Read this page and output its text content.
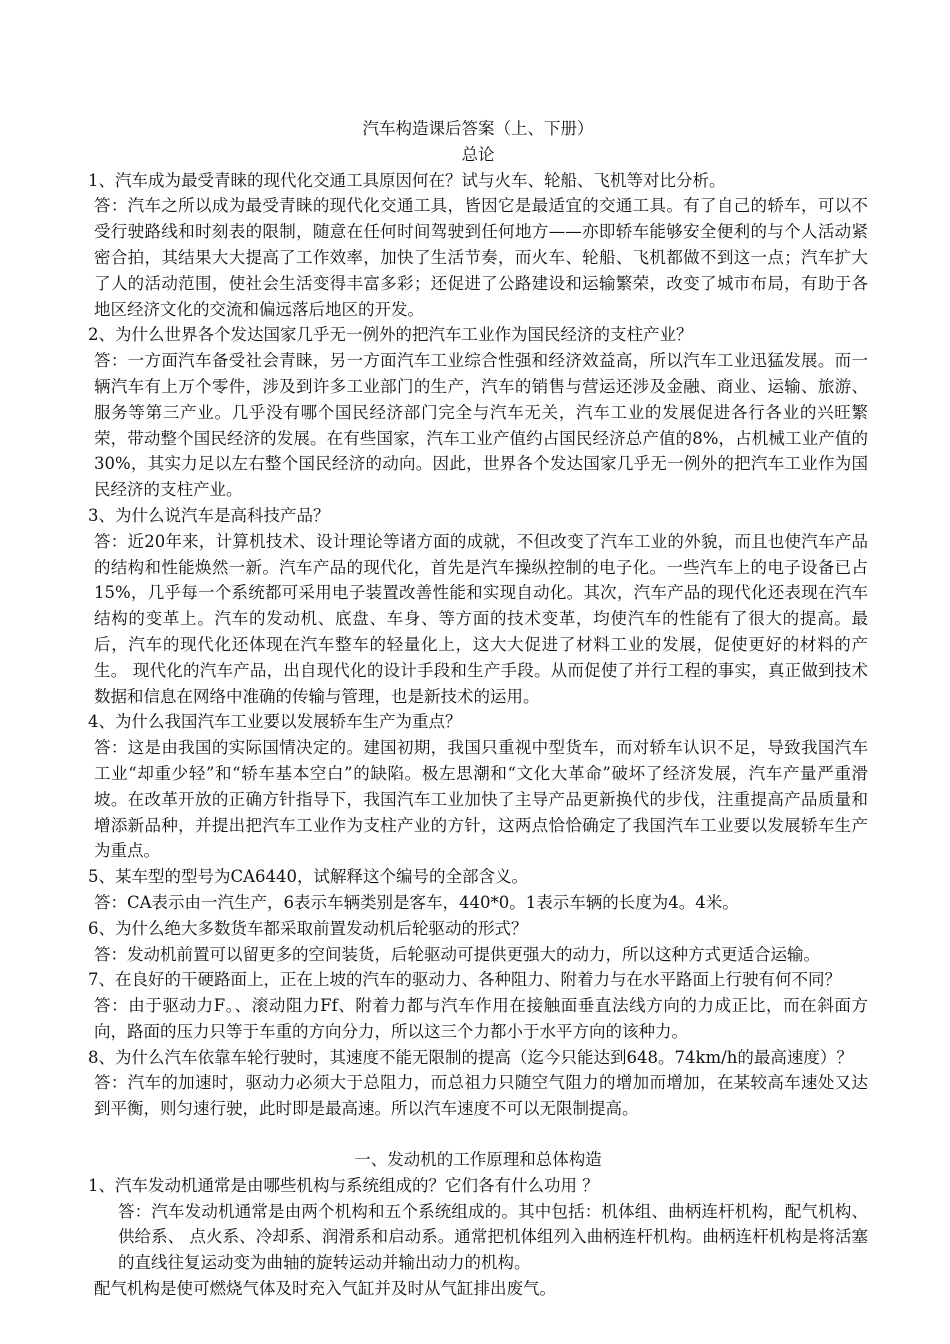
汽车构造课后答案（上、下册）
总论

1、汽车成为最受青睐的现代化交通工具原因何在？试与火车、轮船、飞机等对比分析。

答：汽车之所以成为最受青睐的现代化交通工具，皆因它是最适宜的交通工具。有了自己的轿车，可以不受行驶路线和时刻表的限制，随意在任何时间驾驶到任何地方——亦即轿车能够安全便利的与个人活动紧密合拍，其结果大大提高了工作效率，加快了生活节奏，而火车、轮船、飞机都做不到这一点；汽车扩大了人的活动范围，使社会生活变得丰富多彩；还促进了公路建设和运输繁荣，改变了城市布局，有助于各地区经济文化的交流和偏远落后地区的开发。

2、为什么世界各个发达国家几乎无一例外的把汽车工业作为国民经济的支柱产业？

答：一方面汽车备受社会青睐，另一方面汽车工业综合性强和经济效益高，所以汽车工业迅猛发展。而一辆汽车有上万个零件，涉及到许多工业部门的生产，汽车的销售与营运还涉及金融、商业、运输、旅游、服务等第三产业。几乎没有哪个国民经济部门完全与汽车无关，汽车工业的发展促进各行各业的兴旺繁荣，带动整个国民经济的发展。在有些国家，汽车工业产值约占国民经济总产值的8%，占机械工业产值的30%，其实力足以左右整个国民经济的动向。因此，世界各个发达国家几乎无一例外的把汽车工业作为国民经济的支柱产业。

3、为什么说汽车是高科技产品？

答：近20年来，计算机技术、设计理论等诸方面的成就，不但改变了汽车工业的外貌，而且也使汽车产品的结构和性能焕然一新。汽车产品的现代化，首先是汽车操纵控制的电子化。一些汽车上的电子设备已占15%，几乎每一个系统都可采用电子装置改善性能和实现自动化。其次，汽车产品的现代化还表现在汽车结构的变革上。汽车的发动机、底盘、车身、等方面的技术变革，均使汽车的性能有了很大的提高。最后，汽车的现代化还体现在汽车整车的轻量化上，这大大促进了材料工业的发展，促使更好的材料的产生。 现代化的汽车产品，出自现代化的设计手段和生产手段。从而促使了并行工程的事实，真正做到技术数据和信息在网络中准确的传输与管理，也是新技术的运用。

4、为什么我国汽车工业要以发展轿车生产为重点？

答：这是由我国的实际国情决定的。建国初期，我国只重视中型货车，而对轿车认识不足，导致我国汽车工业“却重少轻”和“轿车基本空白”的缺陷。极左思潮和“文化大革命”破坏了经济发展，汽车产量严重滑坡。在改革开放的正确方针指导下，我国汽车工业加快了主导产品更新换代的步伐，注重提高产品质量和增添新品种，并提出把汽车工业作为支柱产业的方针，这两点恰恰确定了我国汽车工业要以发展轿车生产为重点。

5、某车型的型号为CA6440，试解释这个编号的全部含义。

答：CA表示由一汽生产，6表示车辆类别是客车，440*0。1表示车辆的长度为4。4米。

6、为什么绝大多数货车都采取前置发动机后轮驱动的形式？

答：发动机前置可以留更多的空间装货，后轮驱动可提供更强大的动力，所以这种方式更适合运输。

7、在良好的干硬路面上，正在上坡的汽车的驱动力、各种阻力、附着力与在水平路面上行驶有何不同？

答：由于驱动力F。、滚动阻力Ff、附着力都与汽车作用在接触面垂直法线方向的力成正比，而在斜面方向，路面的压力只等于车重的方向分力，所以这三个力都小于水平方向的该种力。

8、为什么汽车依靠车轮行驶时，其速度不能无限制的提高（迄今只能达到648。74km/h的最高速度）？

答：汽车的加速时，驱动力必须大于总阻力，而总祖力只随空气阻力的增加而增加，在某较高车速处又达到平衡，则匀速行驶，此时即是最高速。所以汽车速度不可以无限制提高。

一、发动机的工作原理和总体构造

1、汽车发动机通常是由哪些机构与系统组成的？它们各有什么功用 ？

答：汽车发动机通常是由两个机构和五个系统组成的。其中包括：机体组、曲柄连杆机构，配气机构、供给系、 点火系、冷却系、润滑系和启动系。通常把机体组列入曲柄连杆机构。曲柄连杆机构是将活塞的直线往复运动变为曲轴的旋转运动并输出动力的机构。

配气机构是使可燃烧气体及时充入气缸并及时从气缸排出废气。
